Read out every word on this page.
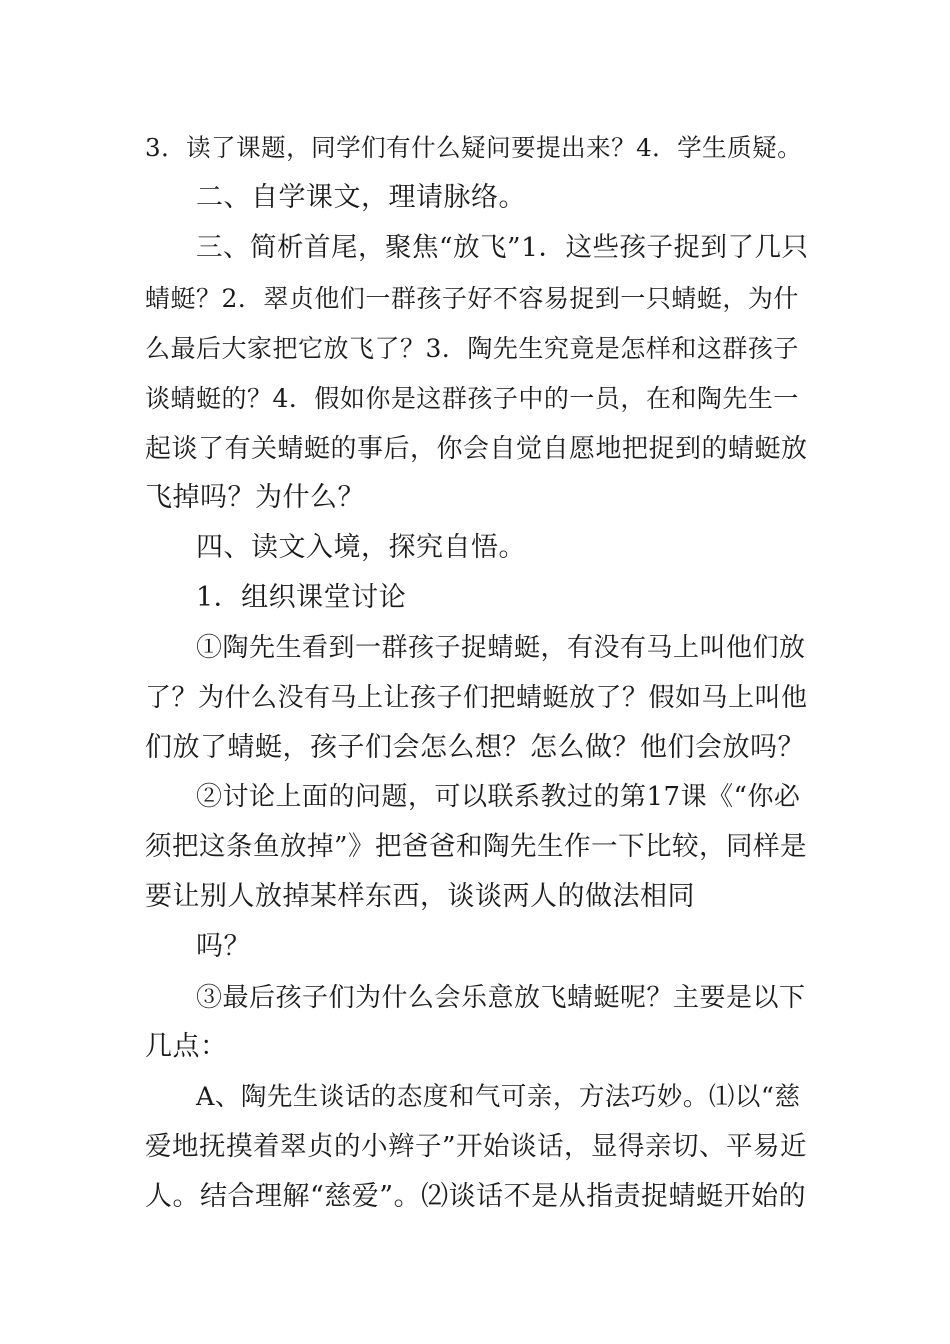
3．读了课题，同学们有什么疑问要提出来？4．学生质疑。
二、自学课文，理请脉络。
三、简析首尾，聚焦“放飞”1．这些孩子捉到了几只
蜻蜓？2．翠贞他们一群孩子好不容易捉到一只蜻蜓，为什
么最后大家把它放飞了？3．陶先生究竟是怎样和这群孩子
谈蜻蜓的？4．假如你是这群孩子中的一员，在和陶先生一
起谈了有关蜻蜓的事后，你会自觉自愿地把捉到的蜻蜓放
飞掉吗？为什么？
四、读文入境，探究自悟。
1．组织课堂讨论
①陶先生看到一群孩子捉蜻蜓，有没有马上叫他们放
了？为什么没有马上让孩子们把蜻蜓放了？假如马上叫他
们放了蜻蜓，孩子们会怎么想？怎么做？他们会放吗？
②讨论上面的问题，可以联系教过的第17课《“你必
须把这条鱼放掉”》把爸爸和陶先生作一下比较，同样是
要让别人放掉某样东西，谈谈两人的做法相同
吗？
③最后孩子们为什么会乐意放飞蜻蜓呢？主要是以下
几点：
A、陶先生谈话的态度和气可亲，方法巧妙。⑴以“慈
爱地抚摸着翠贞的小辫子”开始谈话，显得亲切、平易近
人。结合理解“慈爱”。⑵谈话不是从指责捉蜻蜓开始的
